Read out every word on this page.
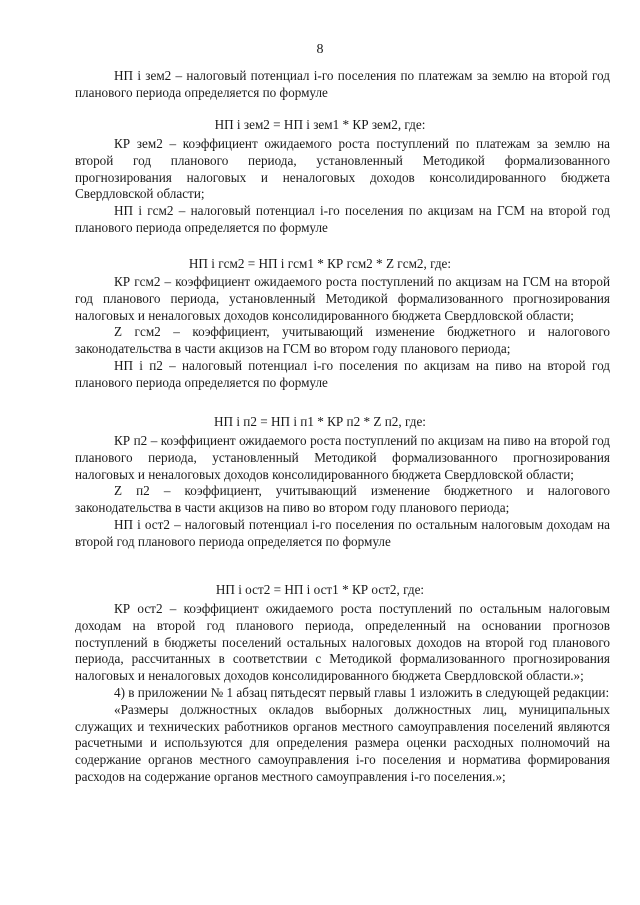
8

НП i зем2 – налоговый потенциал i-го поселения по платежам за землю на второй год планового периода определяется по формуле

НП i зем2 = НП i зем1 * КР зем2, где:

КР зем2 – коэффициент ожидаемого роста поступлений по платежам за землю на второй год планового периода, установленный Методикой формализованного прогнозирования налоговых и неналоговых доходов консолидированного бюджета Свердловской области;

НП i гсм2 – налоговый потенциал i-го поселения по акцизам на ГСМ на второй год планового периода определяется по формуле

НП i гсм2 = НП i гсм1 * КР гсм2 * Z гсм2, где:

КР гсм2 – коэффициент ожидаемого роста поступлений по акцизам на ГСМ на второй год планового периода, установленный Методикой формализованного прогнозирования налоговых и неналоговых доходов консолидированного бюджета Свердловской области;

Z гсм2 – коэффициент, учитывающий изменение бюджетного и налогового законодательства в части акцизов на ГСМ во втором году планового периода;

НП i п2 – налоговый потенциал i-го поселения по акцизам на пиво на второй год планового периода определяется по формуле

НП i п2 = НП i п1 * КР п2 * Z п2, где:

КР п2 – коэффициент ожидаемого роста поступлений по акцизам на пиво на второй год планового периода, установленный Методикой формализованного прогнозирования налоговых и неналоговых доходов консолидированного бюджета Свердловской области;

Z п2 – коэффициент, учитывающий изменение бюджетного и налогового законодательства в части акцизов на пиво во втором году планового периода;

НП i ост2 – налоговый потенциал i-го поселения по остальным налоговым доходам на второй год планового периода определяется по формуле

НП i ост2 = НП i ост1 * КР ост2, где:

КР ост2 – коэффициент ожидаемого роста поступлений по остальным налоговым доходам на второй год планового периода, определенный на основании прогнозов поступлений в бюджеты поселений остальных налоговых доходов на второй год планового периода, рассчитанных в соответствии с Методикой формализованного прогнозирования налоговых и неналоговых доходов консолидированного бюджета Свердловской области.»;

4) в приложении № 1 абзац пятьдесят первый главы 1 изложить в следующей редакции:

«Размеры должностных окладов выборных должностных лиц, муниципальных служащих и технических работников органов местного самоуправления поселений являются расчетными и используются для определения размера оценки расходных полномочий на содержание органов местного самоуправления i-го поселения и норматива формирования расходов на содержание органов местного самоуправления i-го поселения.»;
